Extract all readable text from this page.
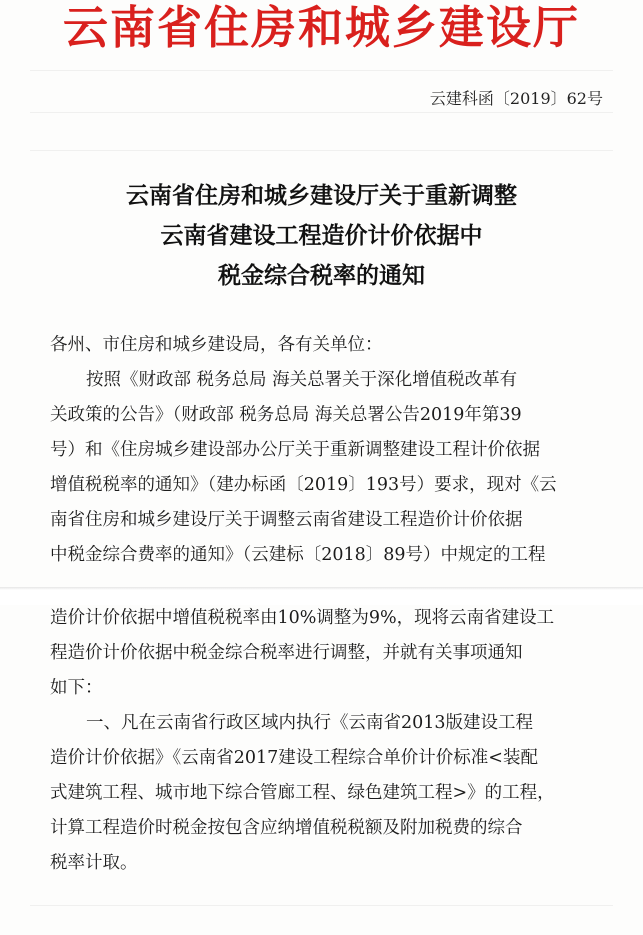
云南省住房和城乡建设厅
云建科函〔2019〕62号
云南省住房和城乡建设厅关于重新调整
云南省建设工程造价计价依据中
税金综合税率的通知

各州、市住房和城乡建设局，各有关单位：

按照《财政部 税务总局 海关总署关于深化增值税改革有

关政策的公告》（财政部 税务总局 海关总署公告2019年第39

号）和《住房城乡建设部办公厅关于重新调整建设工程计价依据

增值税税率的通知》（建办标函〔2019〕193号）要求，现对《云

南省住房和城乡建设厅关于调整云南省建设工程造价计价依据

中税金综合费率的通知》（云建标〔2018〕89号）中规定的工程

造价计价依据中增值税税率由10%调整为9%，现将云南省建设工

程造价计价依据中税金综合税率进行调整，并就有关事项通知

如下：

一、凡在云南省行政区域内执行《云南省2013版建设工程

造价计价依据》《云南省2017建设工程综合单价计价标准<装配

式建筑工程、城市地下综合管廊工程、绿色建筑工程>》的工程，

计算工程造价时税金按包含应纳增值税税额及附加税费的综合

税率计取。
